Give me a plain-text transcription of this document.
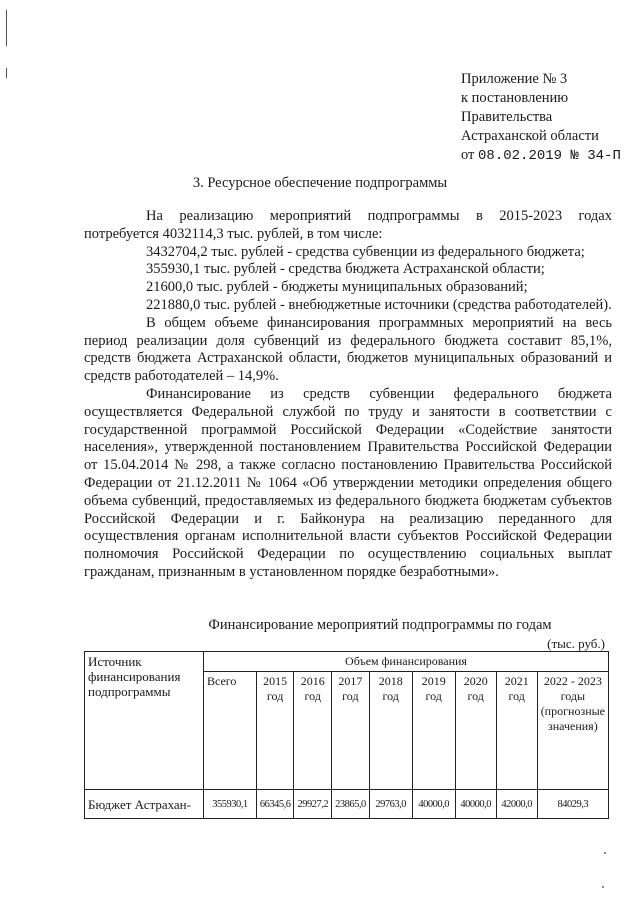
Приложение № 3
к постановлению
Правительства
Астраханской области
от 08.02.2019 № 34-П
3. Ресурсное обеспечение подпрограммы

На реализацию мероприятий подпрограммы в 2015-2023 годах потребуется 4032114,3 тыс. рублей, в том числе:

3432704,2 тыс. рублей - средства субвенции из федерального бюджета;

355930,1 тыс. рублей - средства бюджета Астраханской области;

21600,0 тыс. рублей - бюджеты муниципальных образований;

221880,0 тыс. рублей - внебюджетные источники (средства работодателей).

В общем объеме финансирования программных мероприятий на весь период реализации доля субвенций из федерального бюджета составит 85,1%, средств бюджета Астраханской области, бюджетов муниципальных образований и средств работодателей – 14,9%.

Финансирование из средств субвенции федерального бюджета осуществляется Федеральной службой по труду и занятости в соответствии с государственной программой Российской Федерации «Содействие занятости населения», утвержденной постановлением Правительства Российской Федерации от 15.04.2014 № 298, а также согласно постановлению Правительства Российской Федерации от 21.12.2011 № 1064 «Об утверждении методики определения общего объема субвенций, предоставляемых из федерального бюджета бюджетам субъектов Российской Федерации и г. Байконура на реализацию переданного для осуществления органам исполнительной власти субъектов Российской Федерации полномочия Российской Федерации по осуществлению социальных выплат гражданам, признанным в установленном порядке безработными».

Финансирование мероприятий подпрограммы по годам
(тыс. руб.)
Источник финансирования подпрограммы	Объем финансирования								
	Всего	2015 год	2016 год	2017 год	2018 год	2019 год	2020 год	2021 год	2022 - 2023 годы (прогнозные значения)
Бюджет Астрахан-	355930,1	66345,6	29927,2	23865,0	29763,0	40000,0	40000,0	42000,0	84029,3
